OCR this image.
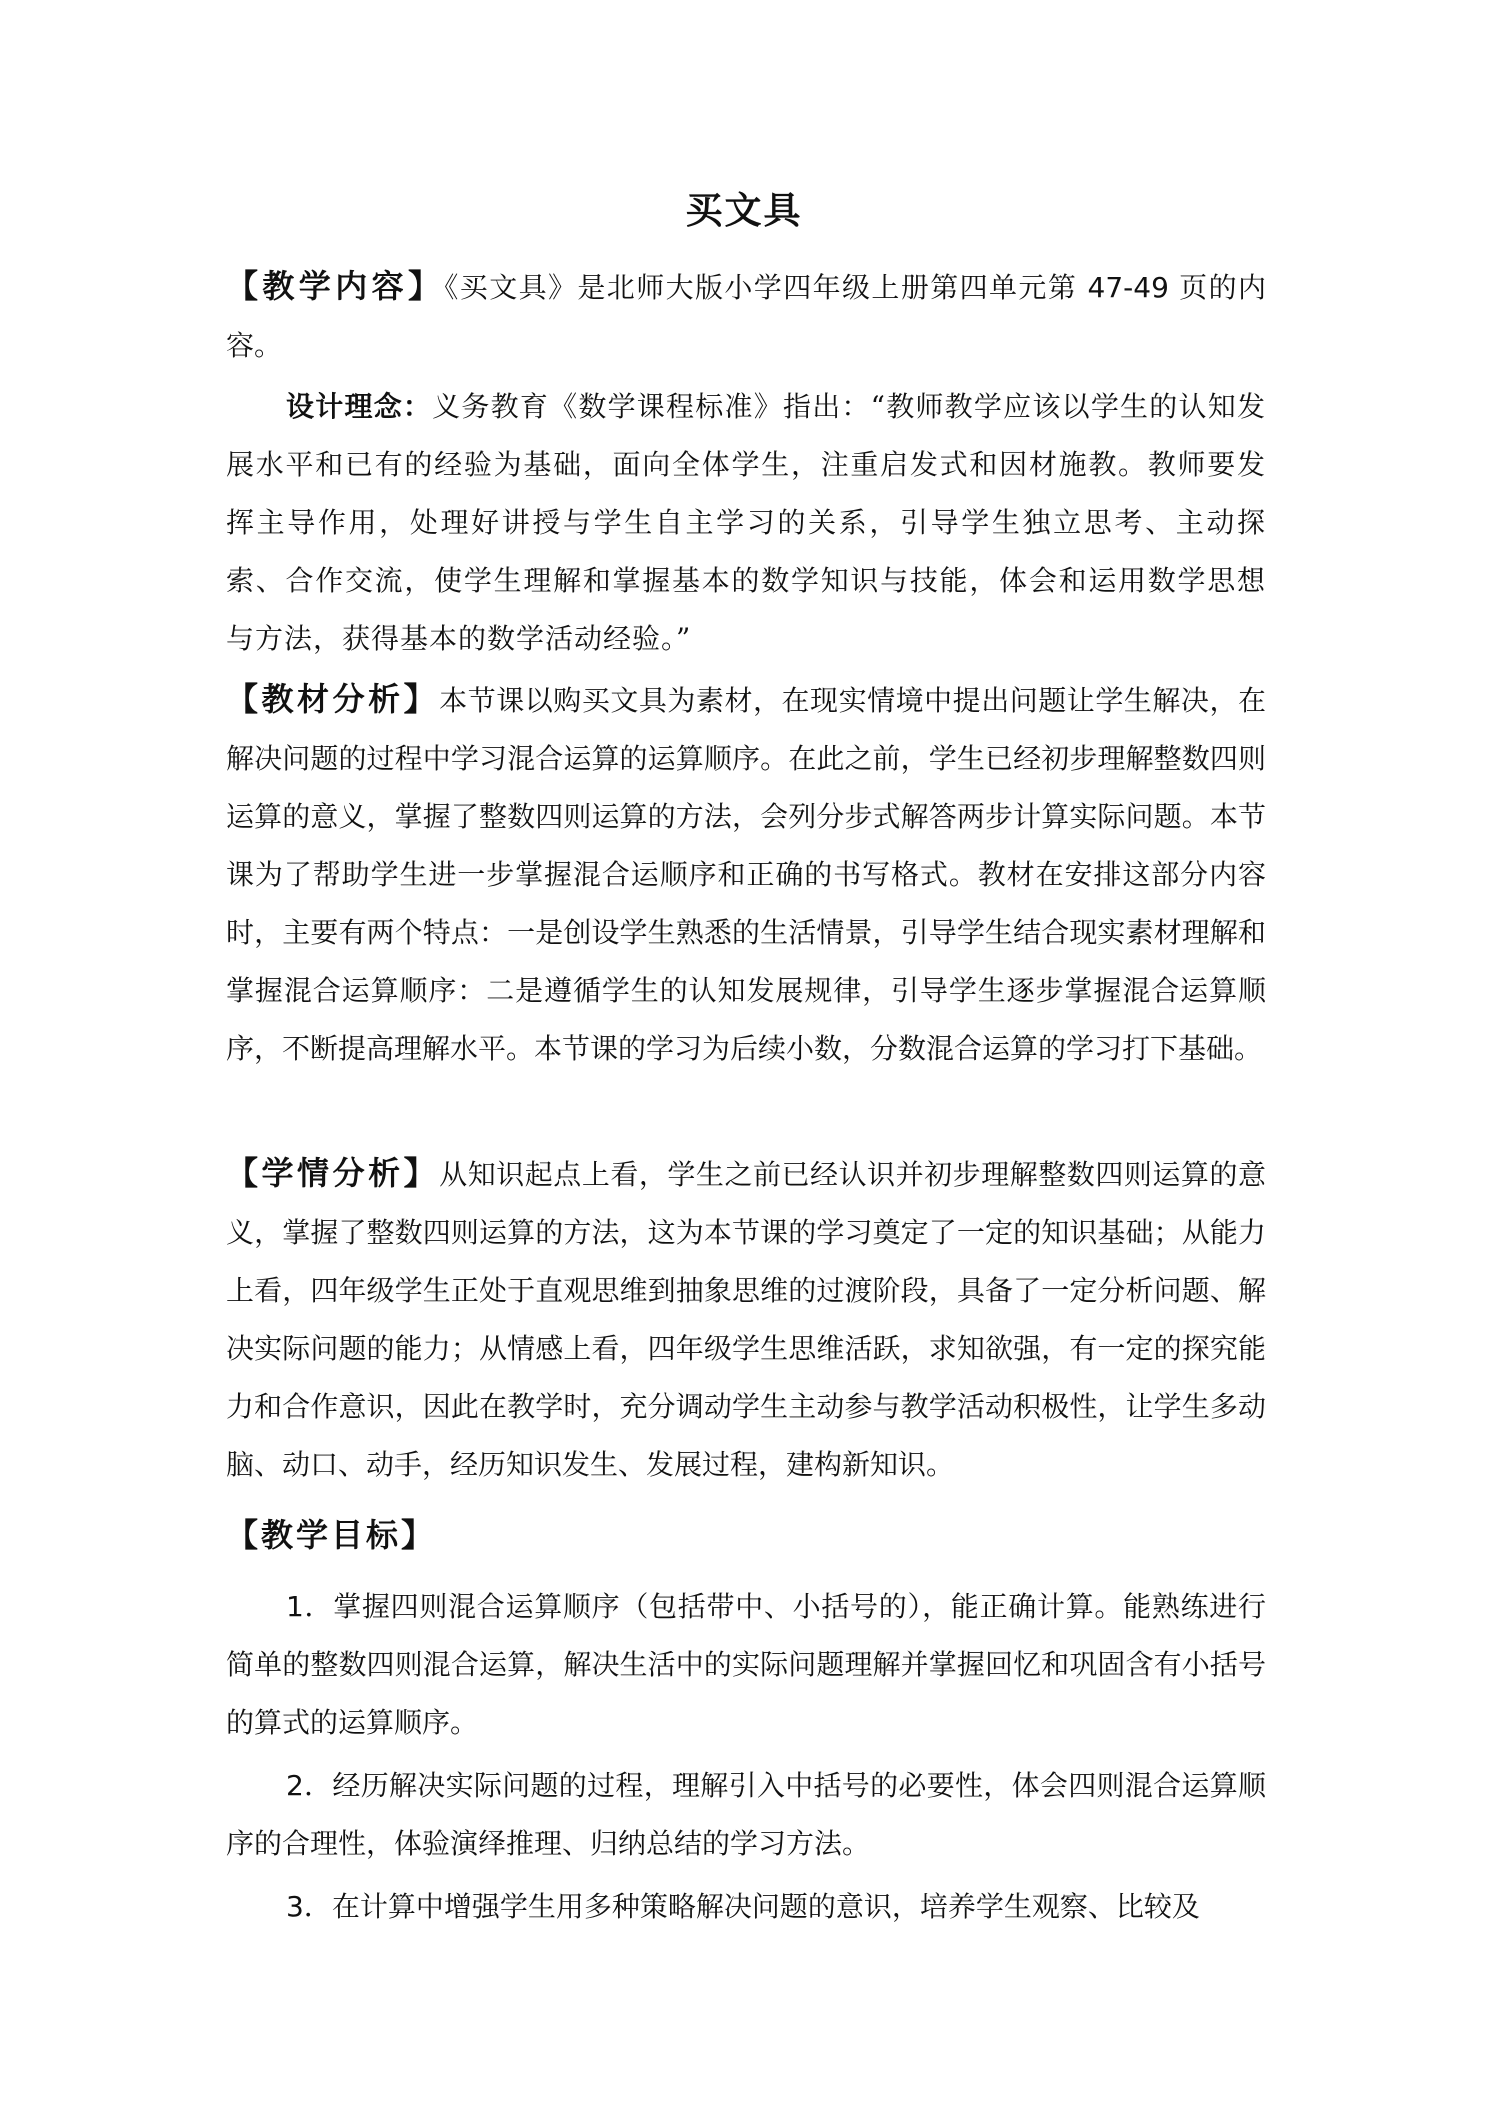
买文具

【教学内容】《买文具》是北师大版小学四年级上册第四单元第 47-49 页的内容。

设计理念：义务教育《数学课程标准》指出：“教师教学应该以学生的认知发展水平和已有的经验为基础，面向全体学生，注重启发式和因材施教。教师要发挥主导作用，处理好讲授与学生自主学习的关系，引导学生独立思考、主动探索、合作交流，使学生理解和掌握基本的数学知识与技能，体会和运用数学思想与方法，获得基本的数学活动经验。”

【教材分析】本节课以购买文具为素材，在现实情境中提出问题让学生解决，在解决问题的过程中学习混合运算的运算顺序。在此之前，学生已经初步理解整数四则运算的意义，掌握了整数四则运算的方法，会列分步式解答两步计算实际问题。本节课为了帮助学生进一步掌握混合运顺序和正确的书写格式。教材在安排这部分内容时，主要有两个特点：一是创设学生熟悉的生活情景，引导学生结合现实素材理解和掌握混合运算顺序：二是遵循学生的认知发展规律，引导学生逐步掌握混合运算顺序，不断提高理解水平。本节课的学习为后续小数，分数混合运算的学习打下基础。

【学情分析】从知识起点上看，学生之前已经认识并初步理解整数四则运算的意义，掌握了整数四则运算的方法，这为本节课的学习奠定了一定的知识基础；从能力上看，四年级学生正处于直观思维到抽象思维的过渡阶段，具备了一定分析问题、解决实际问题的能力；从情感上看，四年级学生思维活跃，求知欲强，有一定的探究能力和合作意识，因此在教学时，充分调动学生主动参与教学活动积极性，让学生多动脑、动口、动手，经历知识发生、发展过程，建构新知识。

【教学目标】

1．掌握四则混合运算顺序（包括带中、小括号的），能正确计算。能熟练进行简单的整数四则混合运算，解决生活中的实际问题理解并掌握回忆和巩固含有小括号的算式的运算顺序。

2．经历解决实际问题的过程，理解引入中括号的必要性，体会四则混合运算顺序的合理性，体验演绎推理、归纳总结的学习方法。

3．在计算中增强学生用多种策略解决问题的意识，培养学生观察、比较及
